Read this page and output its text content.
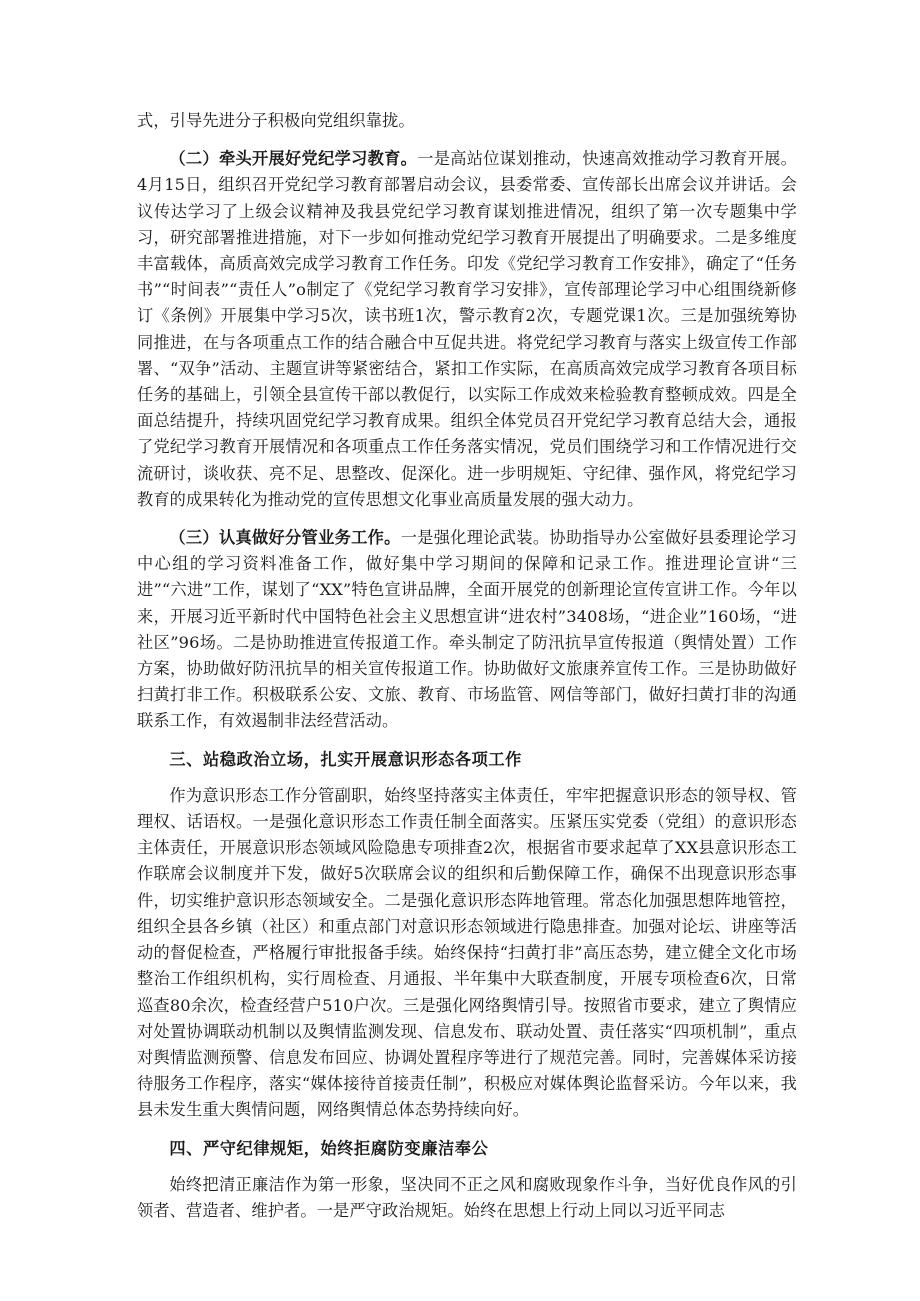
式，引导先进分子积极向党组织靠拢。

（二）牵头开展好党纪学习教育。一是高站位谋划推动，快速高效推动学习教育开展。4月15日，组织召开党纪学习教育部署启动会议，县委常委、宣传部长出席会议并讲话。会议传达学习了上级会议精神及我县党纪学习教育谋划推进情况，组织了第一次专题集中学习，研究部署推进措施，对下一步如何推动党纪学习教育开展提出了明确要求。二是多维度丰富载体，高质高效完成学习教育工作任务。印发《党纪学习教育工作安排》，确定了“任务书”“时间表”“责任人”o制定了《党纪学习教育学习安排》，宣传部理论学习中心组围绕新修订《条例》开展集中学习5次，读书班1次，警示教育2次，专题党课1次。三是加强统筹协同推进，在与各项重点工作的结合融合中互促共进。将党纪学习教育与落实上级宣传工作部署、“双争”活动、主题宣讲等紧密结合，紧扣工作实际，在高质高效完成学习教育各项目标任务的基础上，引领全县宣传干部以教促行，以实际工作成效来检验教育整顿成效。四是全面总结提升，持续巩固党纪学习教育成果。组织全体党员召开党纪学习教育总结大会，通报了党纪学习教育开展情况和各项重点工作任务落实情况，党员们围绕学习和工作情况进行交流研讨，谈收获、亮不足、思整改、促深化。进一步明规矩、守纪律、强作风，将党纪学习教育的成果转化为推动党的宣传思想文化事业高质量发展的强大动力。

（三）认真做好分管业务工作。一是强化理论武装。协助指导办公室做好县委理论学习中心组的学习资料准备工作，做好集中学习期间的保障和记录工作。推进理论宣讲“三进”“六进”工作，谋划了“XX”特色宣讲品牌，全面开展党的创新理论宣传宣讲工作。今年以来，开展习近平新时代中国特色社会主义思想宣讲“进农村”3408场，“进企业”160场，“进社区”96场。二是协助推进宣传报道工作。牵头制定了防汛抗旱宣传报道（舆情处置）工作方案，协助做好防汛抗旱的相关宣传报道工作。协助做好文旅康养宣传工作。三是协助做好扫黄打非工作。积极联系公安、文旅、教育、市场监管、网信等部门，做好扫黄打非的沟通联系工作，有效遏制非法经营活动。

三、站稳政治立场，扎实开展意识形态各项工作

作为意识形态工作分管副职，始终坚持落实主体责任，牢牢把握意识形态的领导权、管理权、话语权。一是强化意识形态工作责任制全面落实。压紧压实党委（党组）的意识形态主体责任，开展意识形态领域风险隐患专项排查2次，根据省市要求起草了XX县意识形态工作联席会议制度并下发，做好5次联席会议的组织和后勤保障工作，确保不出现意识形态事件，切实维护意识形态领域安全。二是强化意识形态阵地管理。常态化加强思想阵地管控，组织全县各乡镇（社区）和重点部门对意识形态领域进行隐患排查。加强对论坛、讲座等活动的督促检查，严格履行审批报备手续。始终保持“扫黄打非”高压态势，建立健全文化市场整治工作组织机构，实行周检查、月通报、半年集中大联查制度，开展专项检查6次，日常巡查80余次，检查经营户510户次。三是强化网络舆情引导。按照省市要求，建立了舆情应对处置协调联动机制以及舆情监测发现、信息发布、联动处置、责任落实“四项机制”，重点对舆情监测预警、信息发布回应、协调处置程序等进行了规范完善。同时，完善媒体采访接待服务工作程序，落实“媒体接待首接责任制”，积极应对媒体舆论监督采访。今年以来，我县未发生重大舆情问题，网络舆情总体态势持续向好。

四、严守纪律规矩，始终拒腐防变廉洁奉公

始终把清正廉洁作为第一形象，坚决同不正之风和腐败现象作斗争，当好优良作风的引领者、营造者、维护者。一是严守政治规矩。始终在思想上行动上同以习近平同志
